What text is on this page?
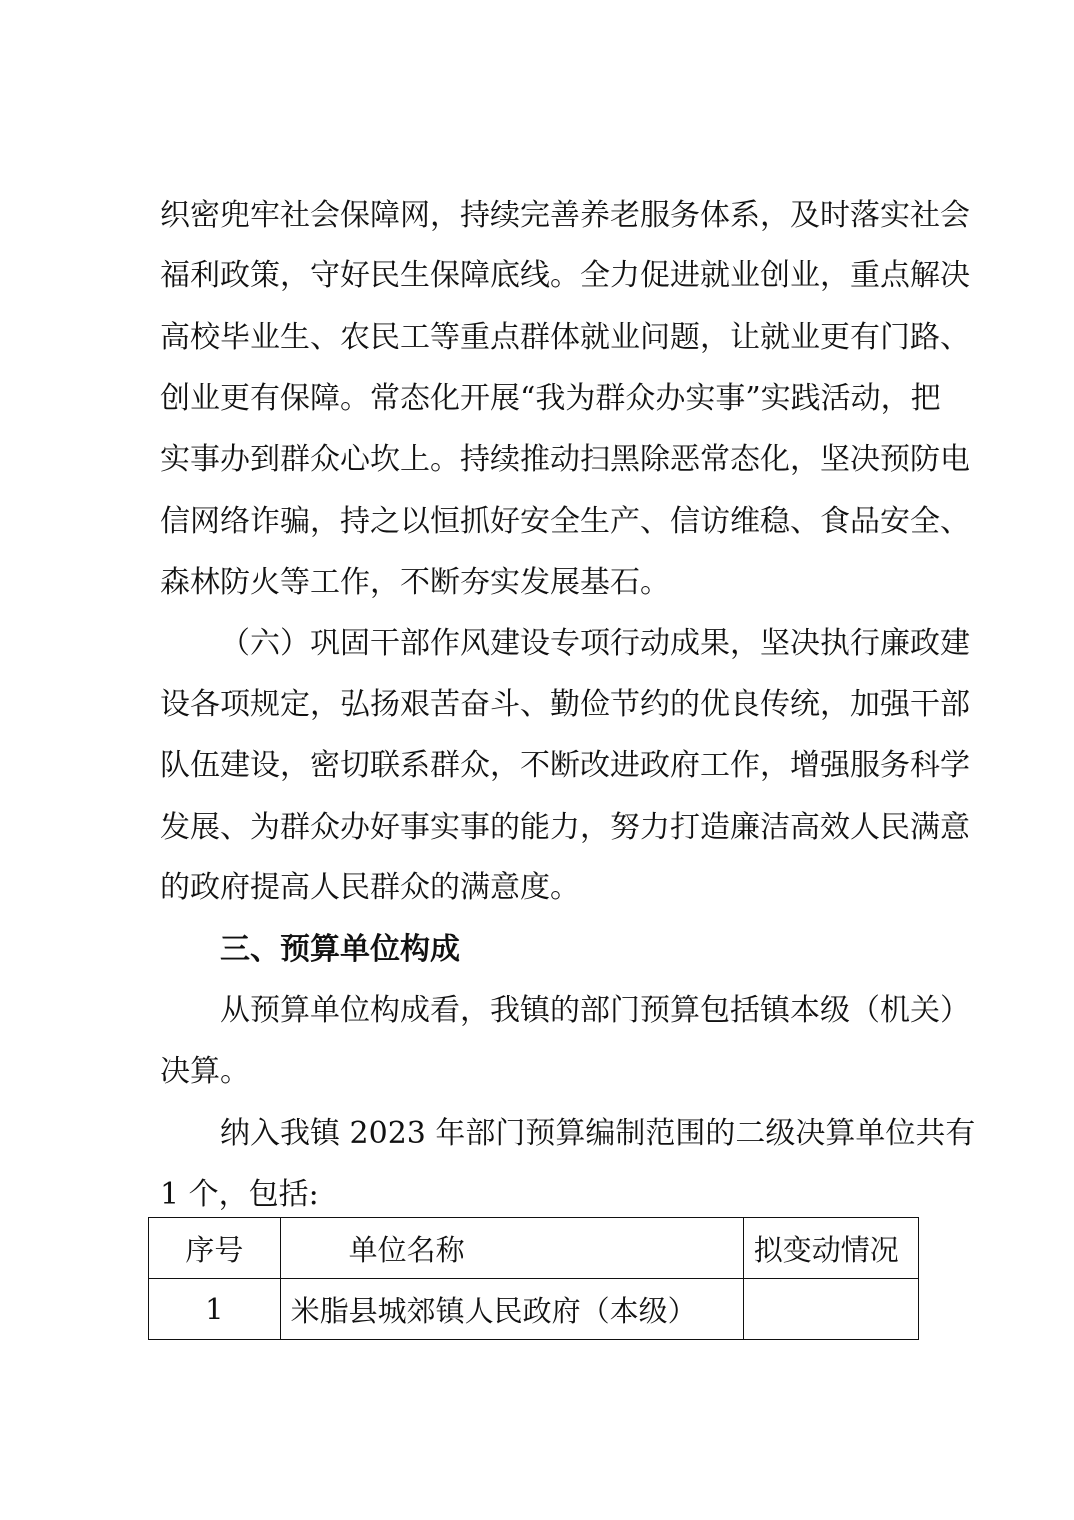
织密兜牢社会保障网，持续完善养老服务体系，及时落实社会
福利政策，守好民生保障底线。全力促进就业创业，重点解决
高校毕业生、农民工等重点群体就业问题，让就业更有门路、
创业更有保障。常态化开展“我为群众办实事”实践活动，把
实事办到群众心坎上。持续推动扫黑除恶常态化，坚决预防电
信网络诈骗，持之以恒抓好安全生产、信访维稳、食品安全、
森林防火等工作，不断夯实发展基石。
（六）巩固干部作风建设专项行动成果，坚决执行廉政建
设各项规定，弘扬艰苦奋斗、勤俭节约的优良传统，加强干部
队伍建设，密切联系群众，不断改进政府工作，增强服务科学
发展、为群众办好事实事的能力，努力打造廉洁高效人民满意
的政府提高人民群众的满意度。
三、预算单位构成
从预算单位构成看，我镇的部门预算包括镇本级（机关）
决算。
纳入我镇 2023 年部门预算编制范围的二级决算单位共有
1 个，包括:
序号	单位名称	拟变动情况
1	米脂县城郊镇人民政府（本级）	
